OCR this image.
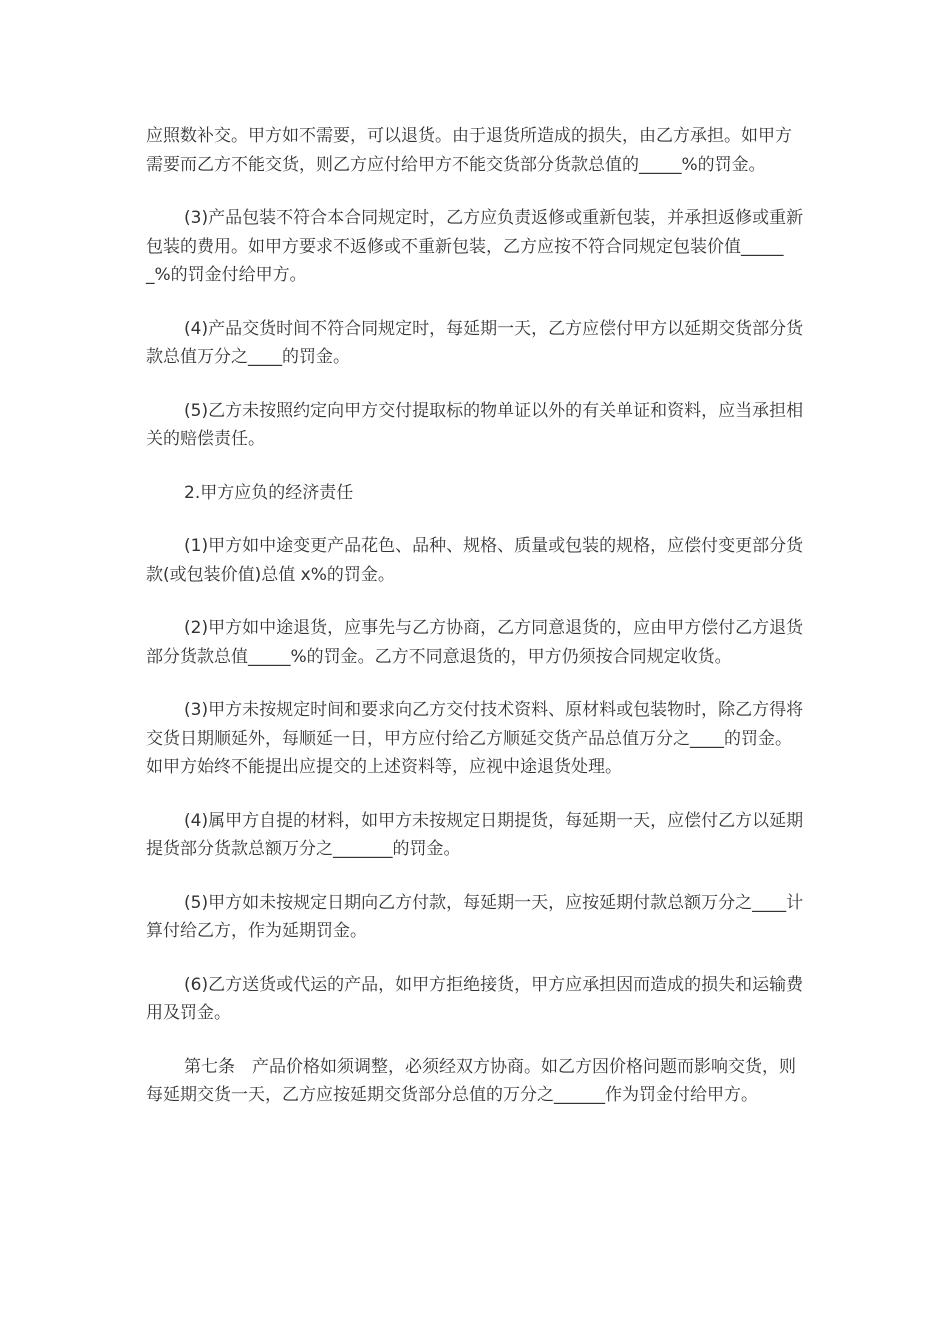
应照数补交。甲方如不需要，可以退货。由于退货所造成的损失，由乙方承担。如甲方需要而乙方不能交货，则乙方应付给甲方不能交货部分货款总值的_____%的罚金。

(3)产品包装不符合本合同规定时，乙方应负责返修或重新包装，并承担返修或重新包装的费用。如甲方要求不返修或不重新包装，乙方应按不符合同规定包装价值______%的罚金付给甲方。

(4)产品交货时间不符合同规定时，每延期一天，乙方应偿付甲方以延期交货部分货款总值万分之____的罚金。

(5)乙方未按照约定向甲方交付提取标的物单证以外的有关单证和资料，应当承担相关的赔偿责任。

2.甲方应负的经济责任

(1)甲方如中途变更产品花色、品种、规格、质量或包装的规格，应偿付变更部分货款(或包装价值)总值 x%的罚金。

(2)甲方如中途退货，应事先与乙方协商，乙方同意退货的，应由甲方偿付乙方退货部分货款总值_____%的罚金。乙方不同意退货的，甲方仍须按合同规定收货。

(3)甲方未按规定时间和要求向乙方交付技术资料、原材料或包装物时，除乙方得将交货日期顺延外，每顺延一日，甲方应付给乙方顺延交货产品总值万分之____的罚金。如甲方始终不能提出应提交的上述资料等，应视中途退货处理。

(4)属甲方自提的材料，如甲方未按规定日期提货，每延期一天，应偿付乙方以延期提货部分货款总额万分之_______的罚金。

(5)甲方如未按规定日期向乙方付款，每延期一天，应按延期付款总额万分之____计算付给乙方，作为延期罚金。

(6)乙方送货或代运的产品，如甲方拒绝接货，甲方应承担因而造成的损失和运输费用及罚金。

第七条　产品价格如须调整，必须经双方协商。如乙方因价格问题而影响交货，则每延期交货一天，乙方应按延期交货部分总值的万分之______作为罚金付给甲方。
